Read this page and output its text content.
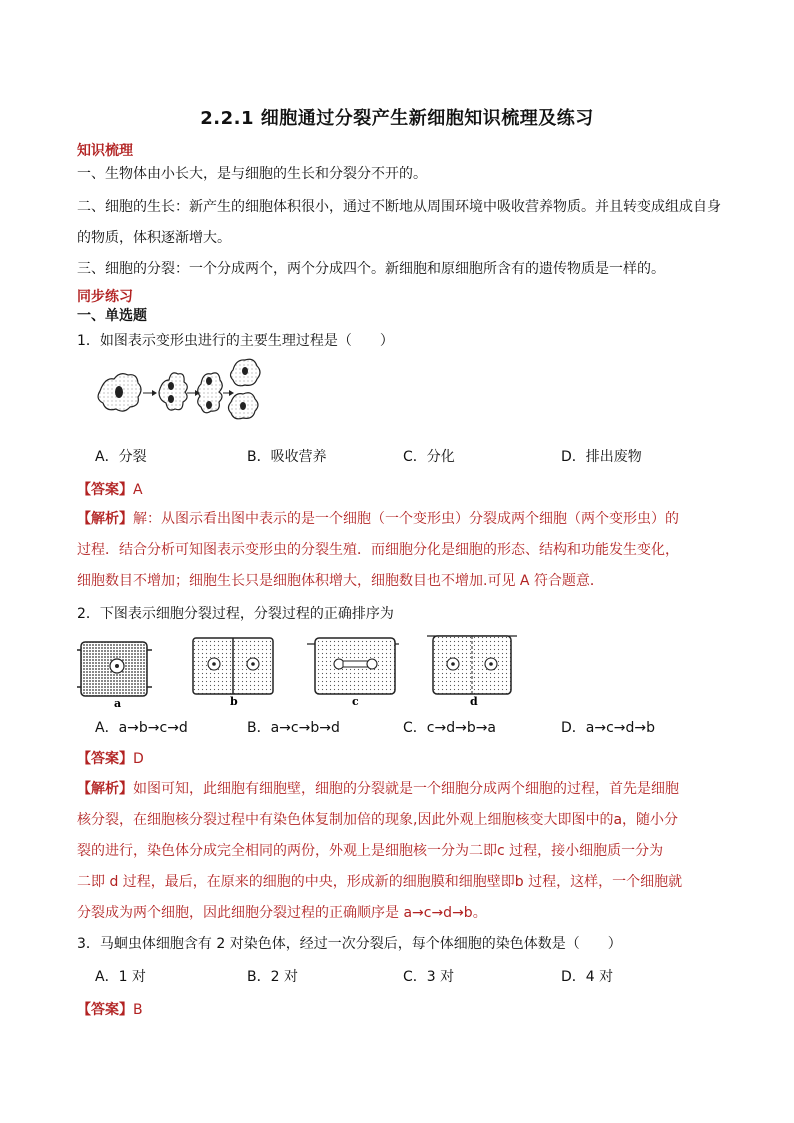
2.2.1 细胞通过分裂产生新细胞知识梳理及练习
知识梳理
一、生物体由小长大，是与细胞的生长和分裂分不开的。
二、细胞的生长：新产生的细胞体积很小，通过不断地从周围环境中吸收营养物质。并且转变成组成自身
的物质，体积逐渐增大。
三、细胞的分裂：一个分成两个，两个分成四个。新细胞和原细胞所含有的遗传物质是一样的。
同步练习
一、单选题
1．如图表示变形虫进行的主要生理过程是（　　）
A．分裂	B．吸收营养	C．分化	D．排出废物
【答案】A
【解析】 解：从图示看出图中表示的是一个细胞（一个变形虫）分裂成两个细胞（两个变形虫）的
过程．结合分析可知图表示变形虫的分裂生殖．而细胞分化是细胞的形态、结构和功能发生变化，
细胞数目不增加；细胞生长只是细胞体积增大，细胞数目也不增加.可见 A 符合题意．
2．下图表示细胞分裂过程，分裂过程的正确排序为
a	b	c	d
A．a→b→c→d	B．a→c→b→d	C．c→d→b→a	D．a→c→d→b
【答案】D
【解析】 如图可知，此细胞有细胞壁，细胞的分裂就是一个细胞分成两个细胞的过程，首先是细胞
核分裂，在细胞核分裂过程中有染色体复制加倍的现象,因此外观上细胞核变大即图中的a，随小分
裂的进行，染色体分成完全相同的两份，外观上是细胞核一分为二即c 过程，接小细胞质一分为
二即 d 过程，最后，在原来的细胞的中央，形成新的细胞膜和细胞壁即b 过程，这样，一个细胞就
分裂成为两个细胞，因此细胞分裂过程的正确顺序是 a→c→d→b。
3．马蛔虫体细胞含有 2 对染色体，经过一次分裂后，每个体细胞的染色体数是（　　）
A．1 对	B．2 对	C．3 对	D．4 对
【答案】B
